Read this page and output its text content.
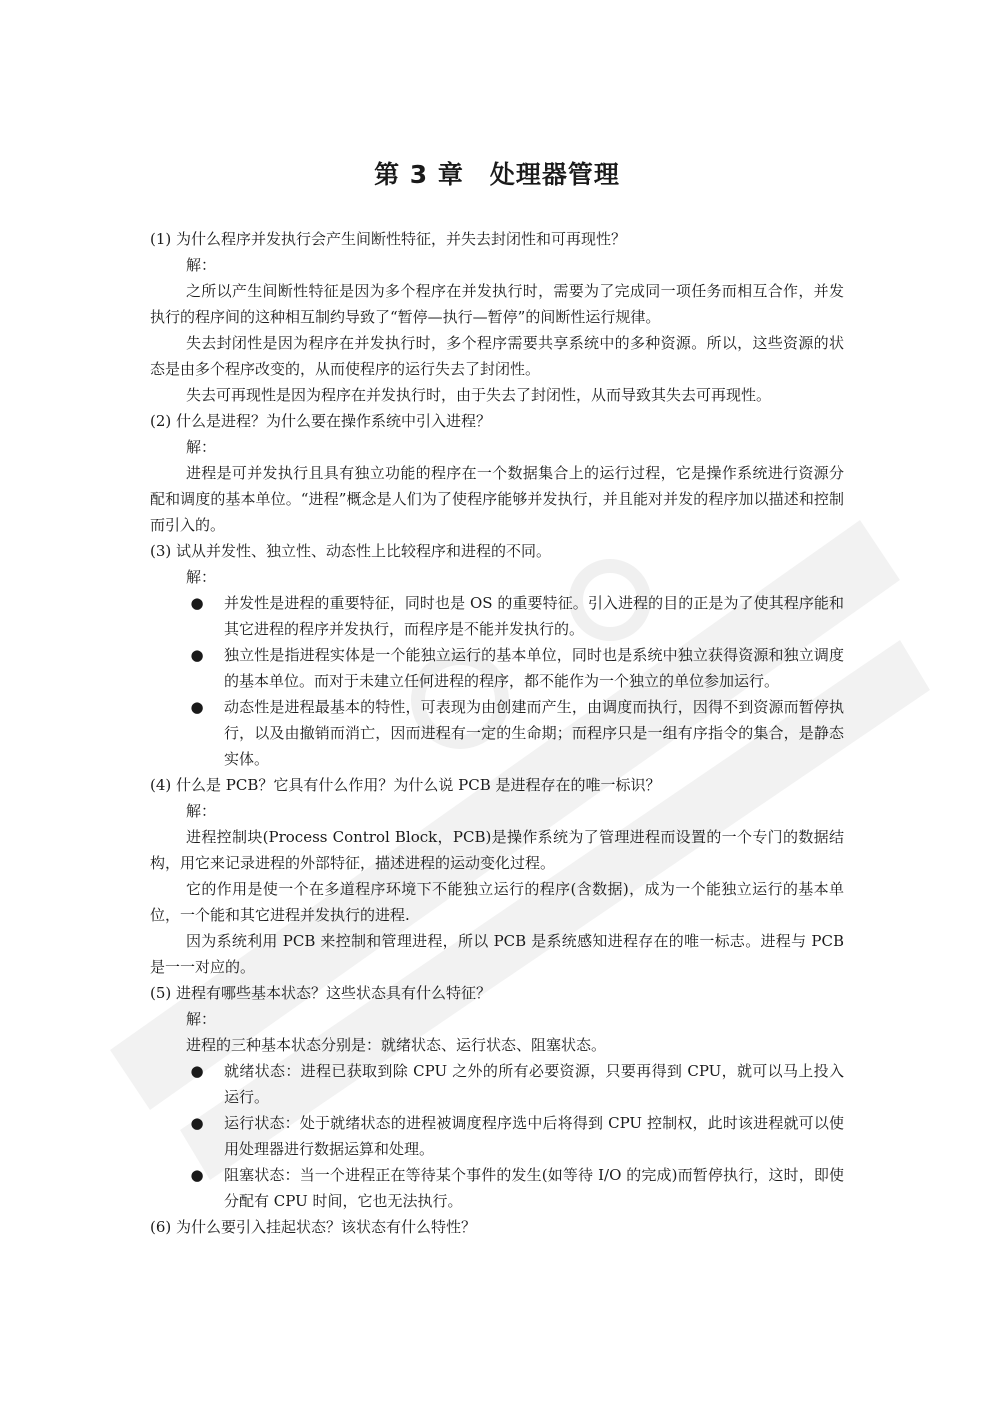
第 3 章　处理器管理
(1) 为什么程序并发执行会产生间断性特征，并失去封闭性和可再现性？
解：
之所以产生间断性特征是因为多个程序在并发执行时，需要为了完成同一项任务而相互合作，并发执行的程序间的这种相互制约导致了“暂停—执行—暂停”的间断性运行规律。
失去封闭性是因为程序在并发执行时，多个程序需要共享系统中的多种资源。所以，这些资源的状态是由多个程序改变的，从而使程序的运行失去了封闭性。
失去可再现性是因为程序在并发执行时，由于失去了封闭性，从而导致其失去可再现性。
(2) 什么是进程？为什么要在操作系统中引入进程？
解：
进程是可并发执行且具有独立功能的程序在一个数据集合上的运行过程，它是操作系统进行资源分配和调度的基本单位。“进程”概念是人们为了使程序能够并发执行，并且能对并发的程序加以描述和控制而引入的。
(3) 试从并发性、独立性、动态性上比较程序和进程的不同。
解：
● 并发性是进程的重要特征，同时也是 OS 的重要特征。引入进程的目的正是为了使其程序能和其它进程的程序并发执行，而程序是不能并发执行的。
● 独立性是指进程实体是一个能独立运行的基本单位，同时也是系统中独立获得资源和独立调度的基本单位。而对于未建立任何进程的程序，都不能作为一个独立的单位参加运行。
● 动态性是进程最基本的特性，可表现为由创建而产生，由调度而执行，因得不到资源而暂停执行，以及由撤销而消亡，因而进程有一定的生命期；而程序只是一组有序指令的集合，是静态实体。
(4) 什么是 PCB？它具有什么作用？为什么说 PCB 是进程存在的唯一标识？
解：
进程控制块(Process Control Block，PCB)是操作系统为了管理进程而设置的一个专门的数据结构，用它来记录进程的外部特征，描述进程的运动变化过程。
它的作用是使一个在多道程序环境下不能独立运行的程序(含数据)，成为一个能独立运行的基本单位，一个能和其它进程并发执行的进程.
因为系统利用 PCB 来控制和管理进程，所以 PCB 是系统感知进程存在的唯一标志。进程与 PCB 是一一对应的。
(5) 进程有哪些基本状态？这些状态具有什么特征？
解：
进程的三种基本状态分别是：就绪状态、运行状态、阻塞状态。
● 就绪状态：进程已获取到除 CPU 之外的所有必要资源，只要再得到 CPU，就可以马上投入运行。
● 运行状态：处于就绪状态的进程被调度程序选中后将得到 CPU 控制权，此时该进程就可以使用处理器进行数据运算和处理。
● 阻塞状态：当一个进程正在等待某个事件的发生(如等待 I/O 的完成)而暂停执行，这时，即使分配有 CPU 时间，它也无法执行。
(6) 为什么要引入挂起状态？该状态有什么特性？
